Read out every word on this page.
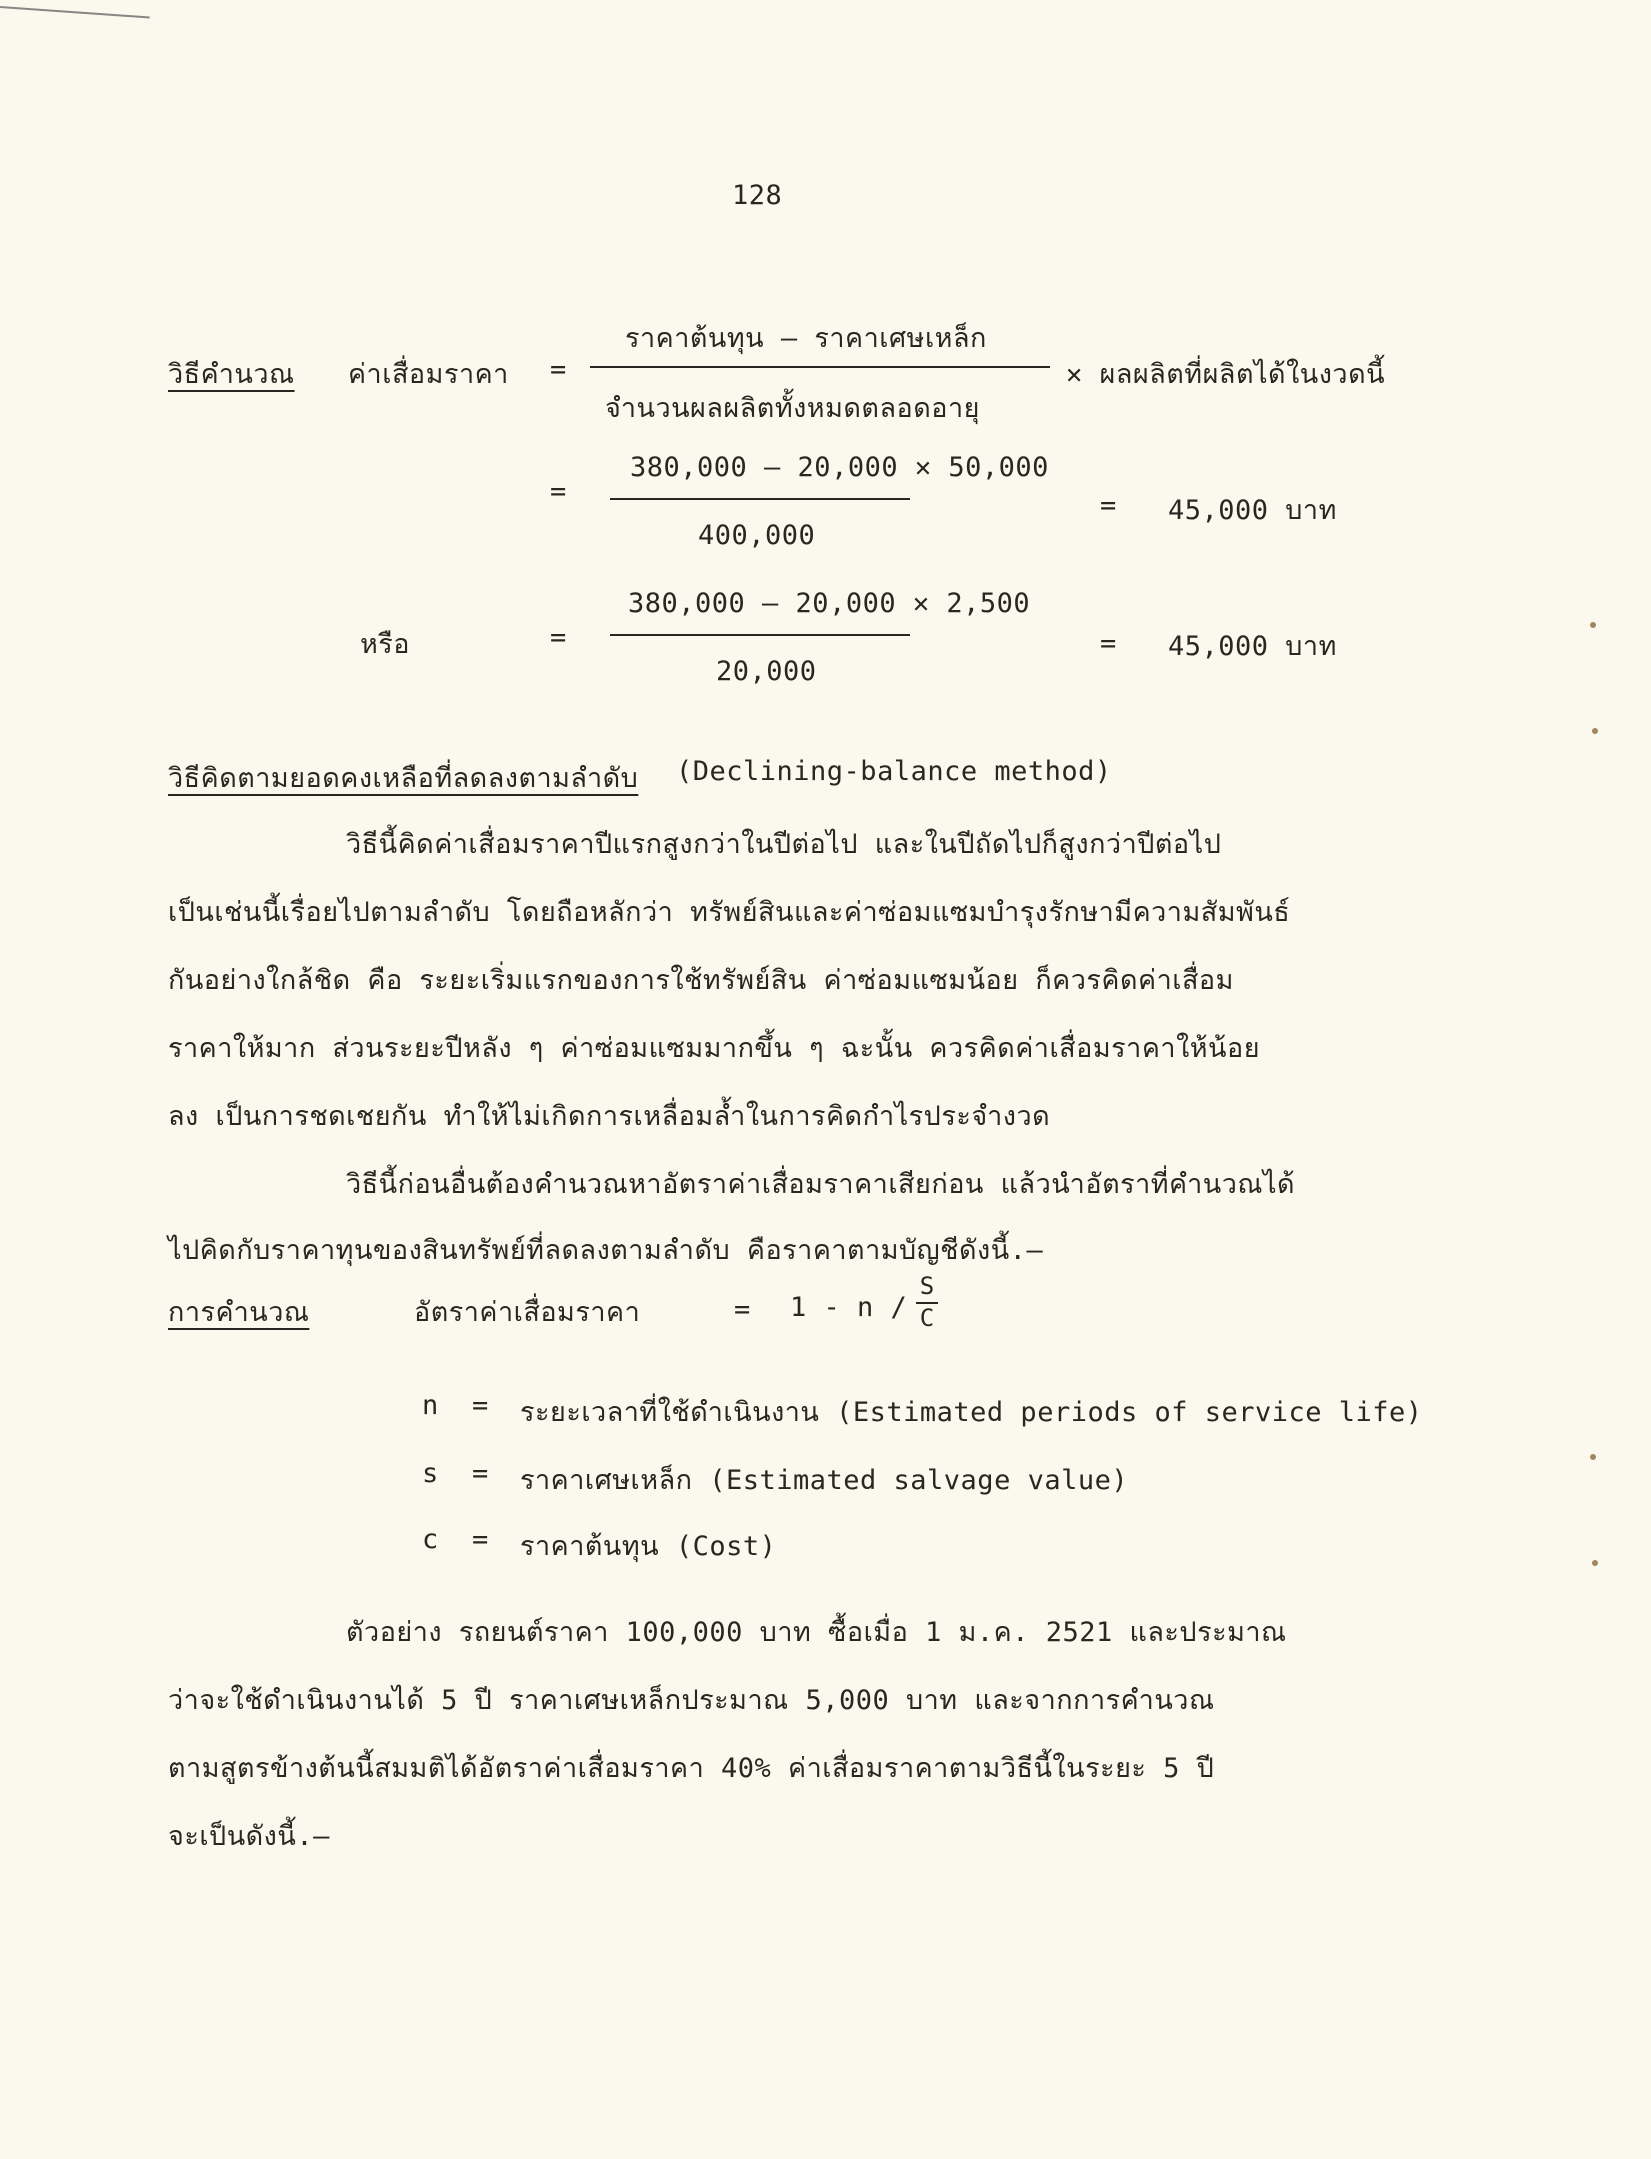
128
วิธีคำนวณ ค่าเสื่อมราคา =
ราคาต้นทุน – ราคาเศษเหล็ก
จำนวนผลผลิตทั้งหมดตลอดอายุ
✕ ผลผลิตที่ผลิตได้ในงวดนี้
=
380,000 – 20,000 ✕ 50,000
400,000
= 45,000 บาท
หรือ	=
380,000 – 20,000 ✕ 2,500
20,000
= 45,000 บาท
วิธีคิดตามยอดคงเหลือที่ลดลงตามลำดับ (Declining-balance method)
วิธีนี้คิดค่าเสื่อมราคาปีแรกสูงกว่าในปีต่อไป และในปีถัดไปก็สูงกว่าปีต่อไป
เป็นเช่นนี้เรื่อยไปตามลำดับ โดยถือหลักว่า ทรัพย์สินและค่าซ่อมแซมบำรุงรักษามีความสัมพันธ์
กันอย่างใกล้ชิด คือ ระยะเริ่มแรกของการใช้ทรัพย์สิน ค่าซ่อมแซมน้อย ก็ควรคิดค่าเสื่อม
ราคาให้มาก ส่วนระยะปีหลัง ๆ ค่าซ่อมแซมมากขึ้น ๆ ฉะนั้น ควรคิดค่าเสื่อมราคาให้น้อย
ลง เป็นการชดเชยกัน ทำให้ไม่เกิดการเหลื่อมล้ำในการคิดกำไรประจำงวด
วิธีนี้ก่อนอื่นต้องคำนวณหาอัตราค่าเสื่อมราคาเสียก่อน แล้วนำอัตราที่คำนวณได้
ไปคิดกับราคาทุนของสินทรัพย์ที่ลดลงตามลำดับ คือราคาตามบัญชีดังนี้.–
การคำนวณ	อัตราค่าเสื่อมราคา	= 1 - n /
S
C
n = ระยะเวลาที่ใช้ดำเนินงาน (Estimated periods of service life)
s = ราคาเศษเหล็ก (Estimated salvage value)
c = ราคาต้นทุน (Cost)
ตัวอย่าง รถยนต์ราคา 100,000 บาท ซื้อเมื่อ 1 ม.ค. 2521 และประมาณ
ว่าจะใช้ดำเนินงานได้ 5 ปี ราคาเศษเหล็กประมาณ 5,000 บาท และจากการคำนวณ
ตามสูตรข้างต้นนี้สมมติได้อัตราค่าเสื่อมราคา 40% ค่าเสื่อมราคาตามวิธีนี้ในระยะ 5 ปี
จะเป็นดังนี้.–
